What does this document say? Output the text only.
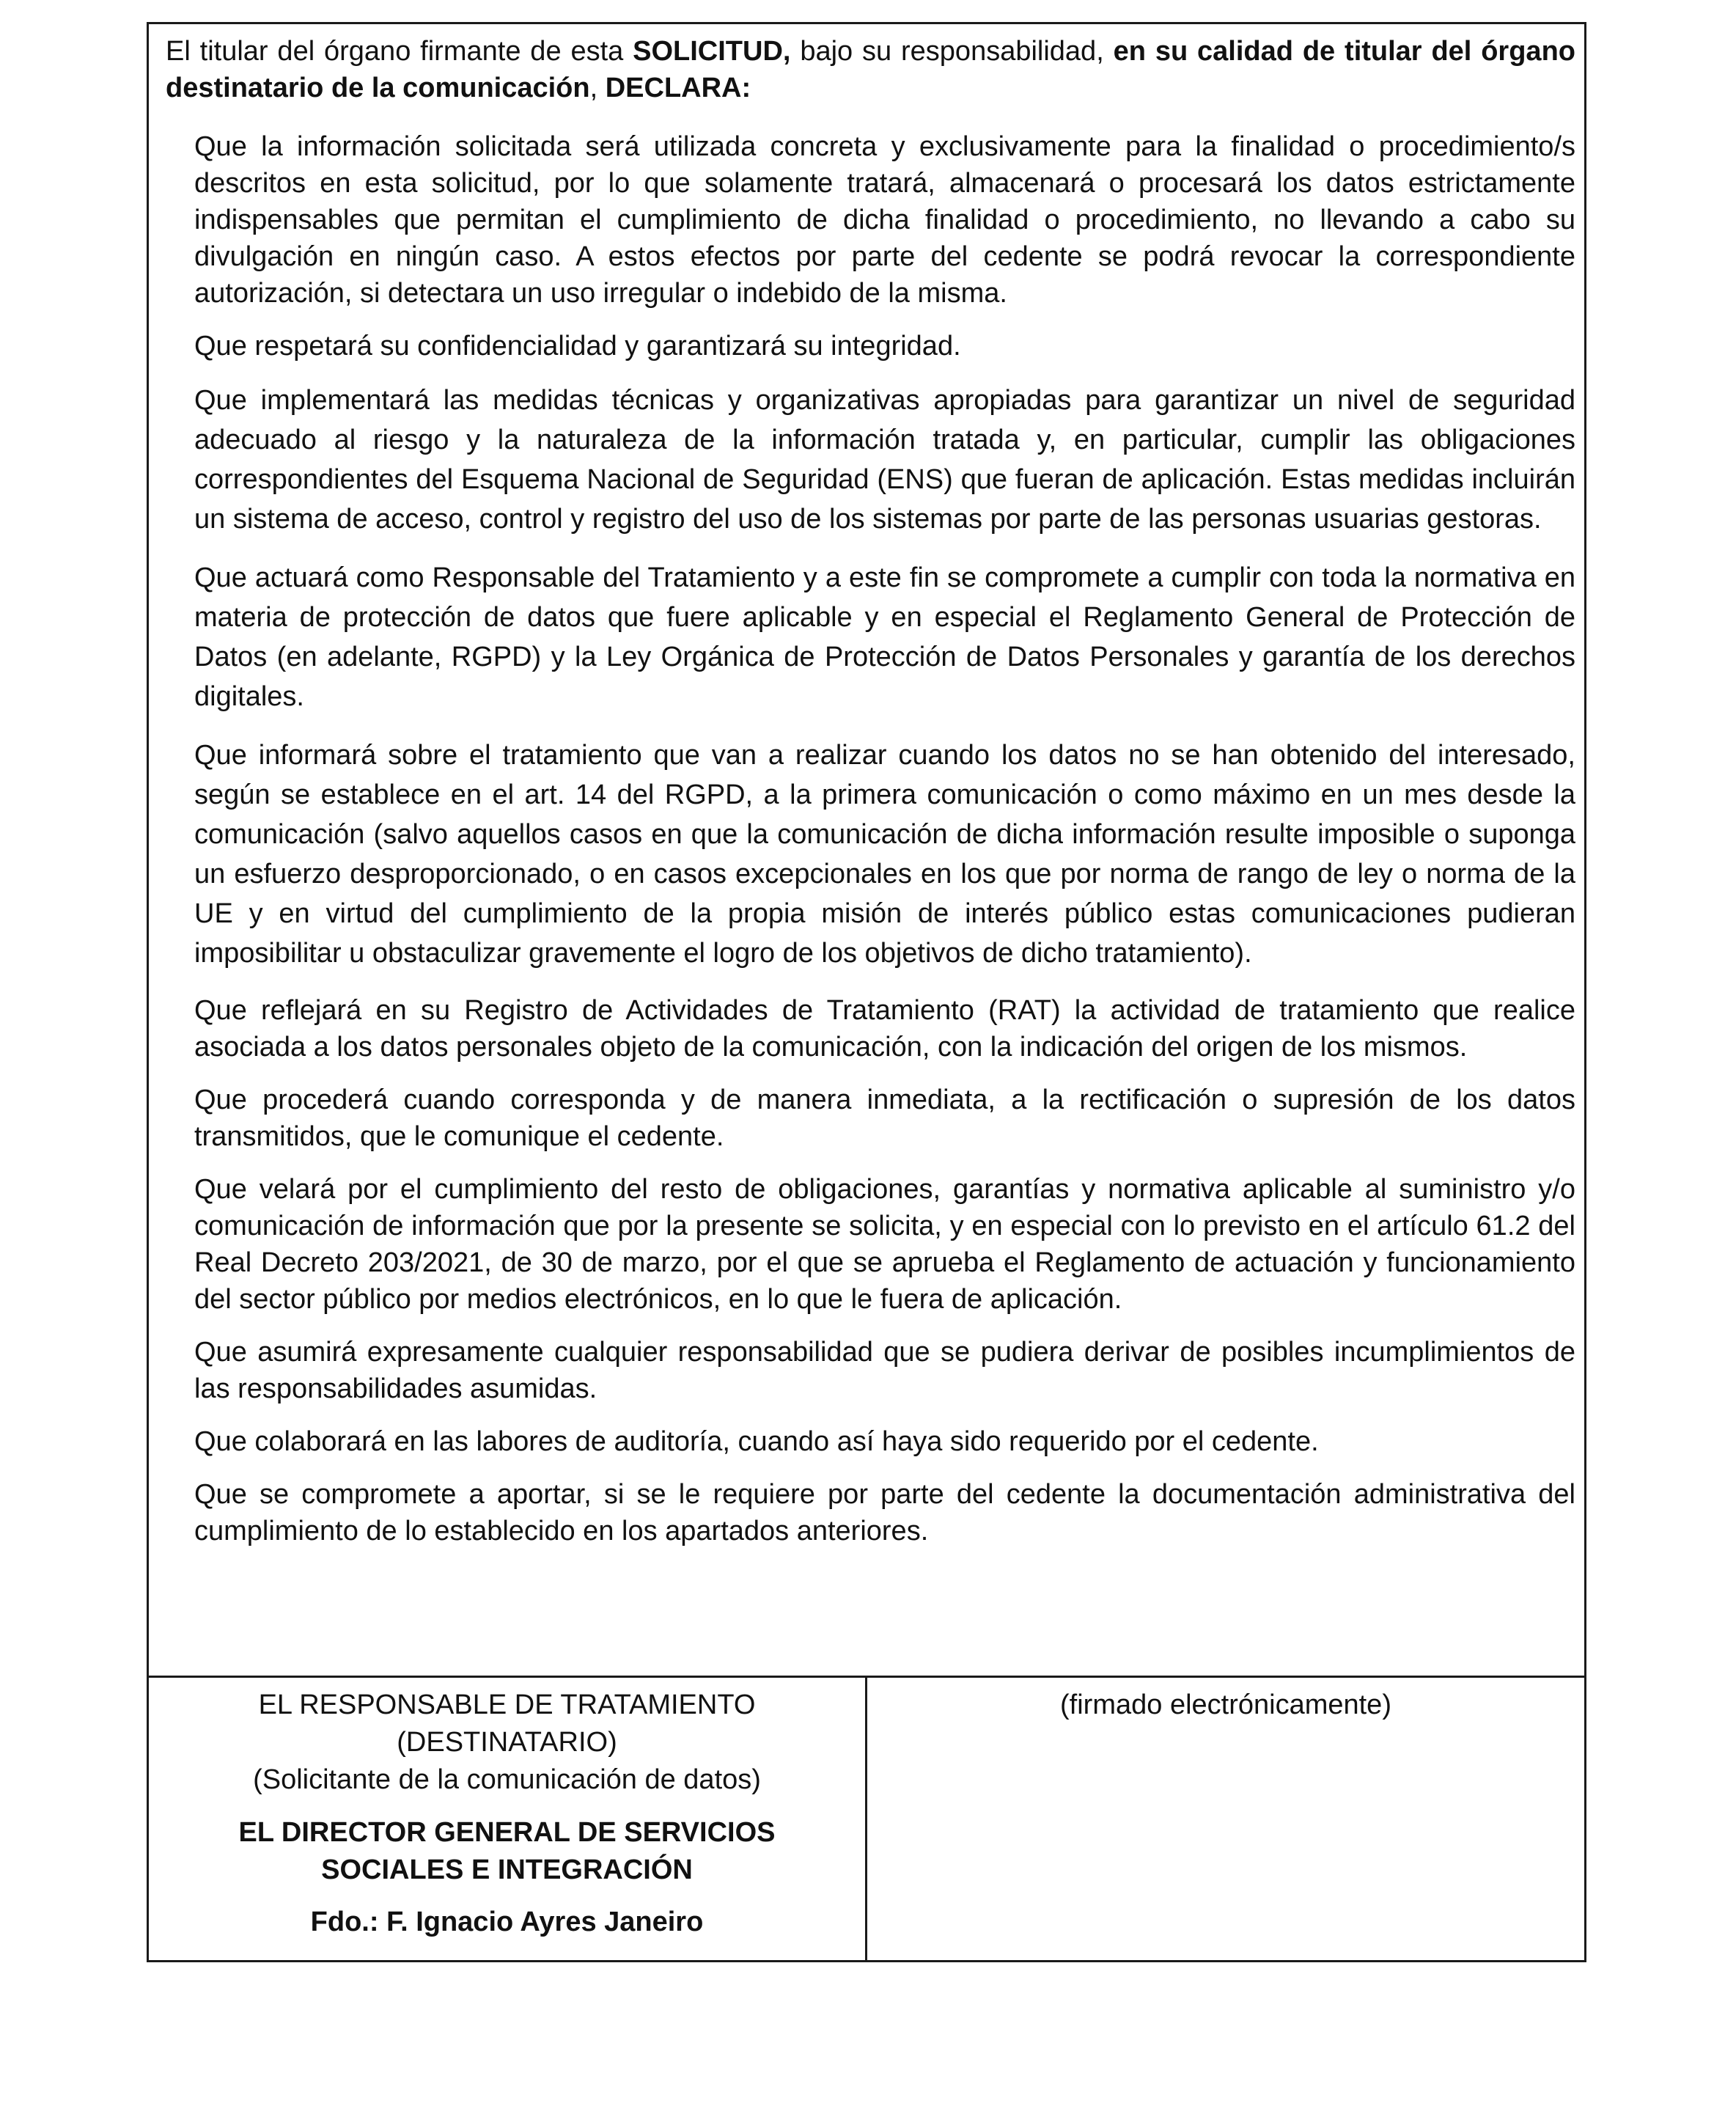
El titular del órgano firmante de esta SOLICITUD, bajo su responsabilidad, en su calidad de titular del órgano destinatario de la comunicación, DECLARA:

Que la información solicitada será utilizada concreta y exclusivamente para la finalidad o procedimiento/s descritos en esta solicitud, por lo que solamente tratará, almacenará o procesará los datos estrictamente indispensables que permitan el cumplimiento de dicha finalidad o procedimiento, no llevando a cabo su divulgación en ningún caso. A estos efectos por parte del cedente se podrá revocar la correspondiente autorización, si detectara un uso irregular o indebido de la misma.

Que respetará su confidencialidad y garantizará su integridad.

Que implementará las medidas técnicas y organizativas apropiadas para garantizar un nivel de seguridad adecuado al riesgo y la naturaleza de la información tratada y, en particular, cumplir las obligaciones correspondientes del Esquema Nacional de Seguridad (ENS) que fueran de aplicación. Estas medidas incluirán un sistema de acceso, control y registro del uso de los sistemas por parte de las personas usuarias gestoras.

Que actuará como Responsable del Tratamiento y a este fin se compromete a cumplir con toda la normativa en materia de protección de datos que fuere aplicable y en especial el Reglamento General de Protección de Datos (en adelante, RGPD) y la Ley Orgánica de Protección de Datos Personales y garantía de los derechos digitales.

Que informará sobre el tratamiento que van a realizar cuando los datos no se han obtenido del interesado, según se establece en el art. 14 del RGPD, a la primera comunicación o como máximo en un mes desde la comunicación (salvo aquellos casos en que la comunicación de dicha información resulte imposible o suponga un esfuerzo desproporcionado, o en casos excepcionales en los que por norma de rango de ley o norma de la UE y en virtud del cumplimiento de la propia misión de interés público estas comunicaciones pudieran imposibilitar u obstaculizar gravemente el logro de los objetivos de dicho tratamiento).

Que reflejará en su Registro de Actividades de Tratamiento (RAT) la actividad de tratamiento que realice asociada a los datos personales objeto de la comunicación, con la indicación del origen de los mismos.

Que procederá cuando corresponda y de manera inmediata, a la rectificación o supresión de los datos transmitidos, que le comunique el cedente.

Que velará por el cumplimiento del resto de obligaciones, garantías y normativa aplicable al suministro y/o comunicación de información que por la presente se solicita, y en especial con lo previsto en el artículo 61.2 del Real Decreto 203/2021, de 30 de marzo, por el que se aprueba el Reglamento de actuación y funcionamiento del sector público por medios electrónicos, en lo que le fuera de aplicación.

Que asumirá expresamente cualquier responsabilidad que se pudiera derivar de posibles incumplimientos de las responsabilidades asumidas.

Que colaborará en las labores de auditoría, cuando así haya sido requerido por el cedente.

Que se compromete a aportar, si se le requiere por parte del cedente la documentación administrativa del cumplimiento de lo establecido en los apartados anteriores.

EL RESPONSABLE DE TRATAMIENTO
(DESTINATARIO)
(Solicitante de la comunicación de datos)
EL DIRECTOR GENERAL DE SERVICIOS
SOCIALES E INTEGRACIÓN
Fdo.: F. Ignacio Ayres Janeiro
(firmado electrónicamente)
